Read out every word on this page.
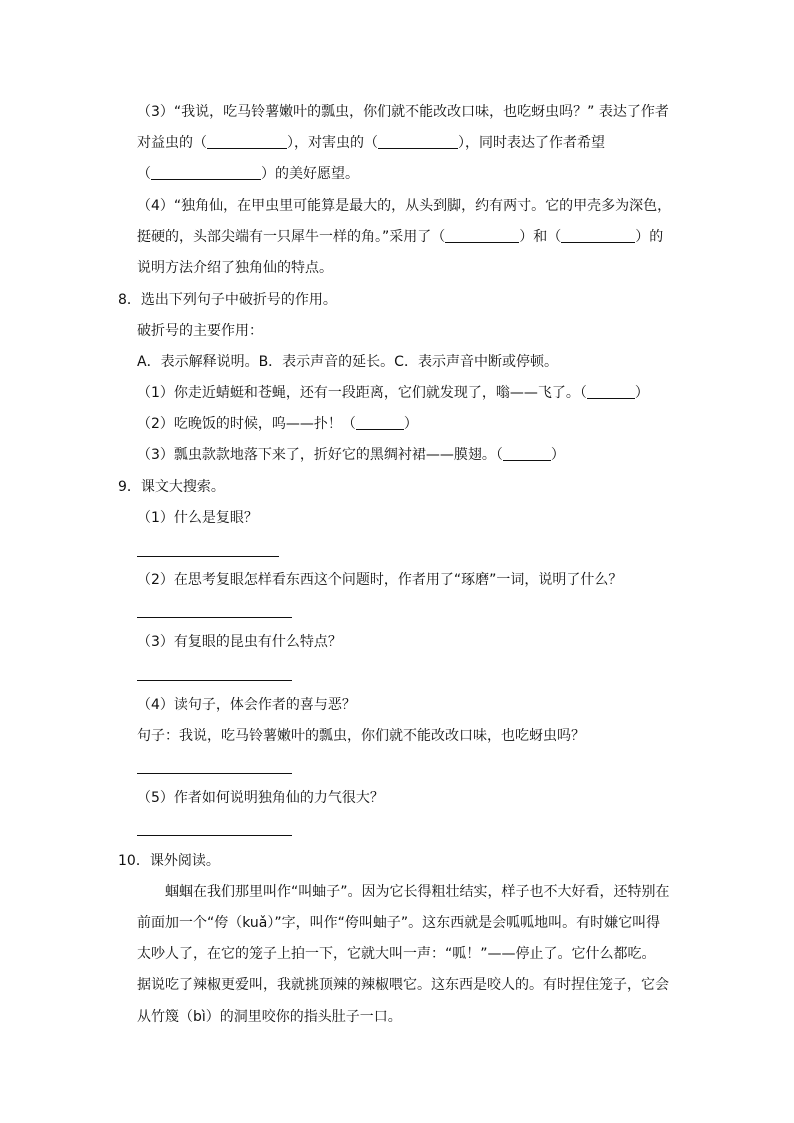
（3）“我说，吃马铃薯嫩叶的瓢虫，你们就不能改改口味，也吃蚜虫吗？” 表达了作者
对益虫的（	），对害虫的（	），同时表达了作者希望
（	）的美好愿望。
（4）“独角仙，在甲虫里可能算是最大的，从头到脚，约有两寸。它的甲壳多为深色，
挺硬的，头部尖端有一只犀牛一样的角。”采用了（	）和（	）的
说明方法介绍了独角仙的特点。
8．选出下列句子中破折号的作用。
破折号的主要作用：
A．表示解释说明。B．表示声音的延长。C．表示声音中断或停顿。
（1）你走近蜻蜓和苍蝇，还有一段距离，它们就发现了，嗡——飞了。（	）
（2）吃晚饭的时候，呜——扑！（	）
（3）瓢虫款款地落下来了，折好它的黑绸衬裙——膜翅。（	）
9．课文大搜索。
（1）什么是复眼？
（2）在思考复眼怎样看东西这个问题时，作者用了“琢磨”一词，说明了什么？
（3）有复眼的昆虫有什么特点？
（4）读句子，体会作者的喜与恶？
句子：我说，吃马铃薯嫩叶的瓢虫，你们就不能改改口味，也吃蚜虫吗？
（5）作者如何说明独角仙的力气很大？
10．课外阅读。
蝈蝈在我们那里叫作“叫蚰子”。因为它长得粗壮结实，样子也不大好看，还特别在
前面加一个“侉（kuǎ）”字，叫作“侉叫蚰子”。这东西就是会呱呱地叫。有时嫌它叫得
太吵人了，在它的笼子上拍一下，它就大叫一声：“呱！”——停止了。它什么都吃。
据说吃了辣椒更爱叫，我就挑顶辣的辣椒喂它。这东西是咬人的。有时捏住笼子，它会
从竹篾（bì）的洞里咬你的指头肚子一口。
